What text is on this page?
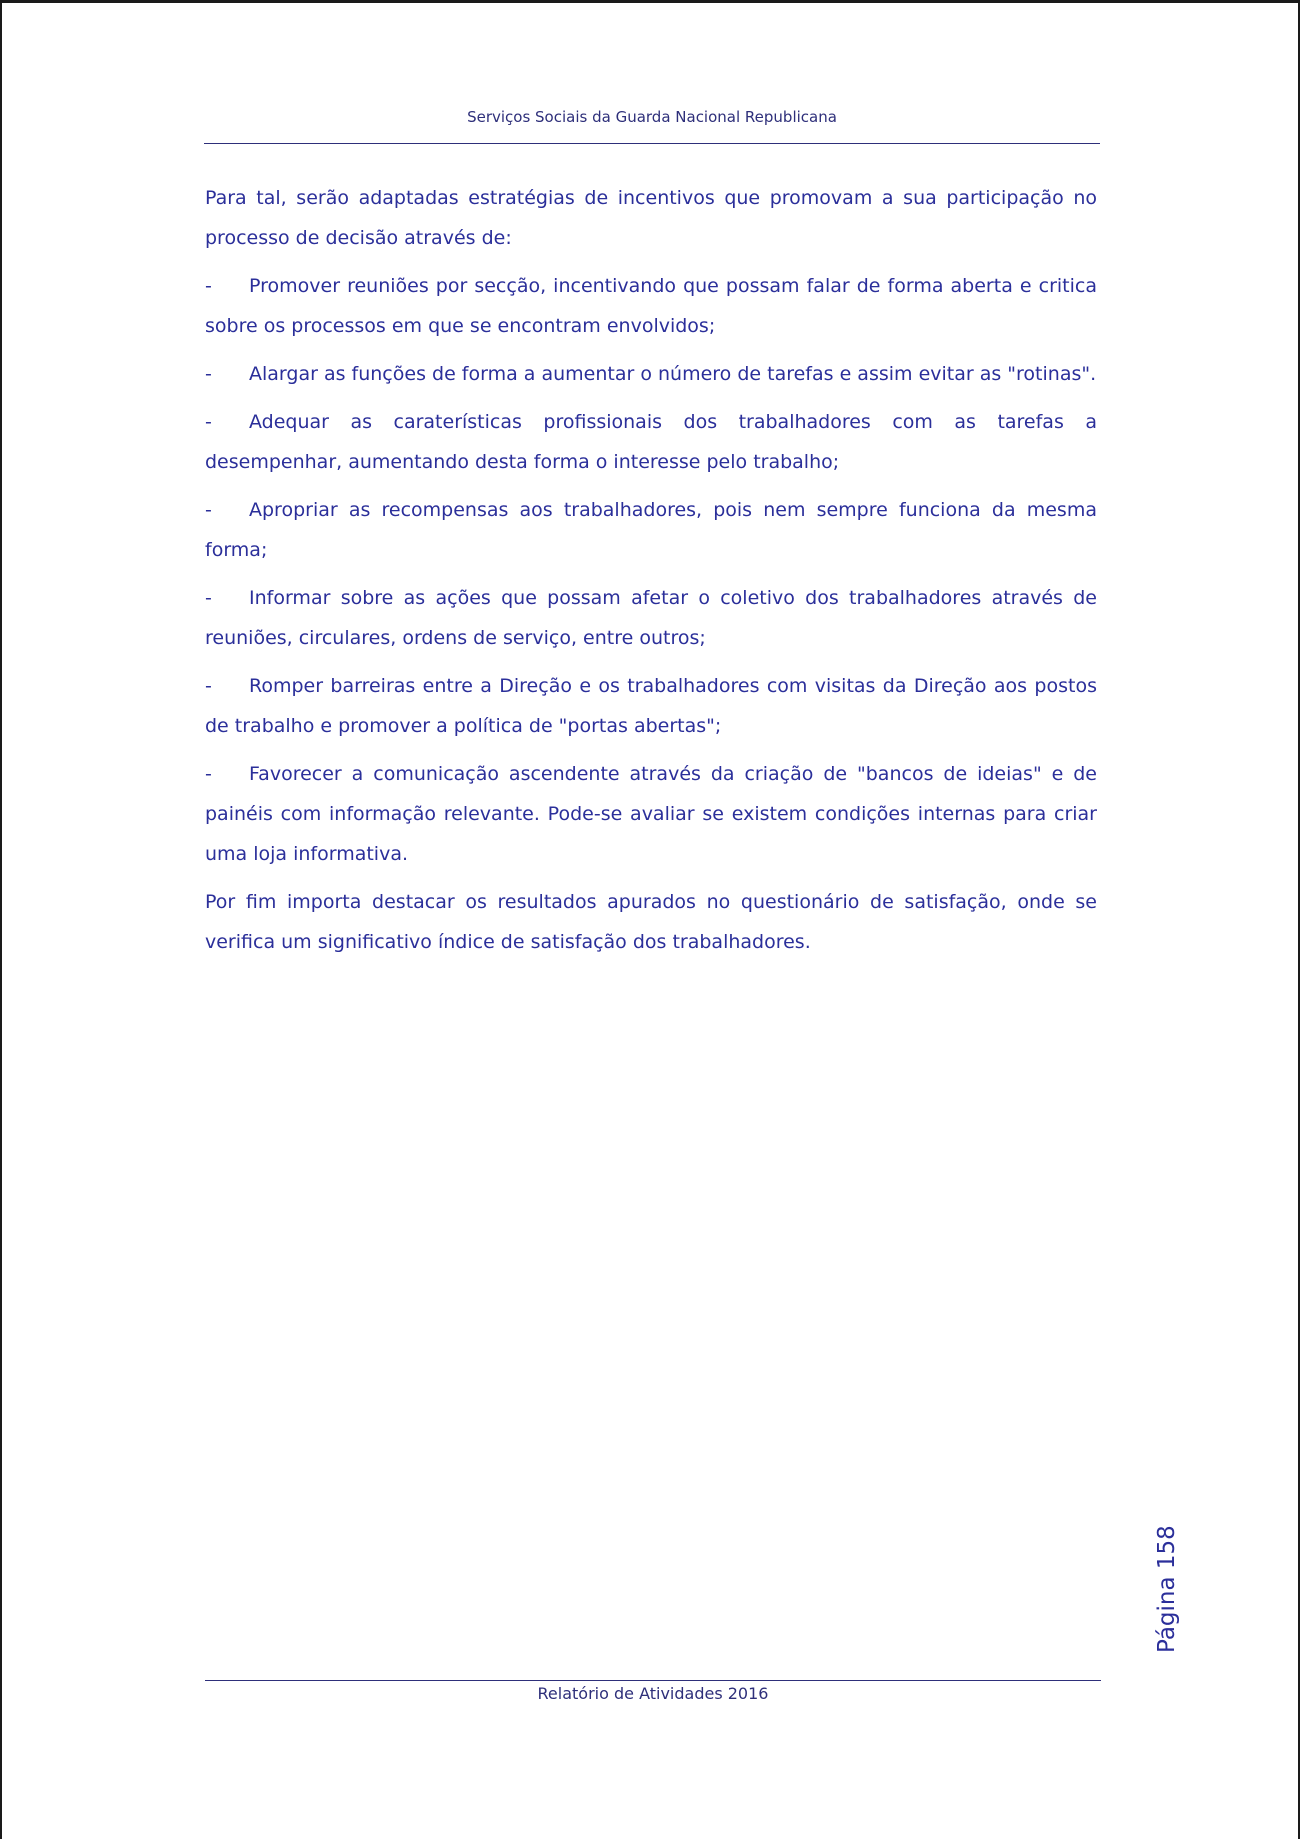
Serviços Sociais da Guarda Nacional Republicana

Para tal, serão adaptadas estratégias de incentivos que promovam a sua participação no processo de decisão através de:

- Promover reuniões por secção, incentivando que possam falar de forma aberta e critica sobre os processos em que se encontram envolvidos;

- Alargar as funções de forma a aumentar o número de tarefas e assim evitar as "rotinas".

- Adequar as caraterísticas profissionais dos trabalhadores com as tarefas a desempenhar, aumentando desta forma o interesse pelo trabalho;

- Apropriar as recompensas aos trabalhadores, pois nem sempre funciona da mesma forma;

- Informar sobre as ações que possam afetar o coletivo dos trabalhadores através de reuniões, circulares, ordens de serviço, entre outros;

- Romper barreiras entre a Direção e os trabalhadores com visitas da Direção aos postos de trabalho e promover a política de "portas abertas";

- Favorecer a comunicação ascendente através da criação de "bancos de ideias" e de painéis com informação relevante. Pode-se avaliar se existem condições internas para criar uma loja informativa.

Por fim importa destacar os resultados apurados no questionário de satisfação, onde se verifica um significativo índice de satisfação dos trabalhadores.

Página 158
Relatório de Atividades 2016
